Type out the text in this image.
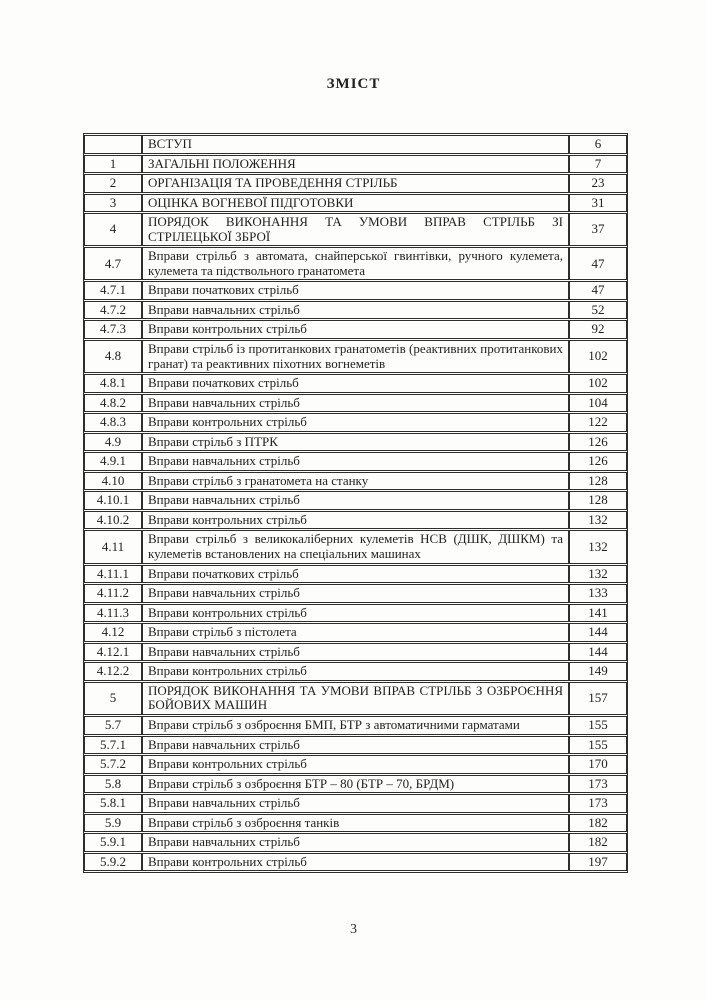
ЗМІСТ
	ВСТУП	6
1	ЗАГАЛЬНІ ПОЛОЖЕННЯ	7
2	ОРГАНІЗАЦІЯ ТА ПРОВЕДЕННЯ СТРІЛЬБ	23
3	ОЦІНКА ВОГНЕВОЇ ПІДГОТОВКИ	31
4	ПОРЯДОК ВИКОНАННЯ ТА УМОВИ ВПРАВ СТРІЛЬБ ЗІ СТРІЛЕЦЬКОЇ ЗБРОЇ	37
4.7	Вправи стрільб з автомата, снайперської гвинтівки, ручного кулемета, кулемета та підствольного гранатомета	47
4.7.1	Вправи початкових стрільб	47
4.7.2	Вправи навчальних стрільб	52
4.7.3	Вправи контрольних стрільб	92
4.8	Вправи стрільб із протитанкових гранатометів (реактивних протитанкових гранат) та реактивних піхотних вогнеметів	102
4.8.1	Вправи початкових стрільб	102
4.8.2	Вправи навчальних стрільб	104
4.8.3	Вправи контрольних стрільб	122
4.9	Вправи стрільб з ПТРК	126
4.9.1	Вправи навчальних стрільб	126
4.10	Вправи стрільб з гранатомета на станку	128
4.10.1	Вправи навчальних стрільб	128
4.10.2	Вправи контрольних стрільб	132
4.11	Вправи стрільб з великокаліберних кулеметів НСВ (ДШК, ДШКМ) та кулеметів встановлених на спеціальних машинах	132
4.11.1	Вправи початкових стрільб	132
4.11.2	Вправи навчальних стрільб	133
4.11.3	Вправи контрольних стрільб	141
4.12	Вправи стрільб з пістолета	144
4.12.1	Вправи навчальних стрільб	144
4.12.2	Вправи контрольних стрільб	149
5	ПОРЯДОК ВИКОНАННЯ ТА УМОВИ ВПРАВ СТРІЛЬБ З ОЗБРОЄННЯ БОЙОВИХ МАШИН	157
5.7	Вправи стрільб з озброєння БМП, БТР з автоматичними гарматами	155
5.7.1	Вправи навчальних стрільб	155
5.7.2	Вправи контрольних стрільб	170
5.8	Вправи стрільб з озброєння БТР – 80 (БТР – 70, БРДМ)	173
5.8.1	Вправи навчальних стрільб	173
5.9	Вправи стрільб з озброєння танків	182
5.9.1	Вправи навчальних стрільб	182
5.9.2	Вправи контрольних стрільб	197
3
